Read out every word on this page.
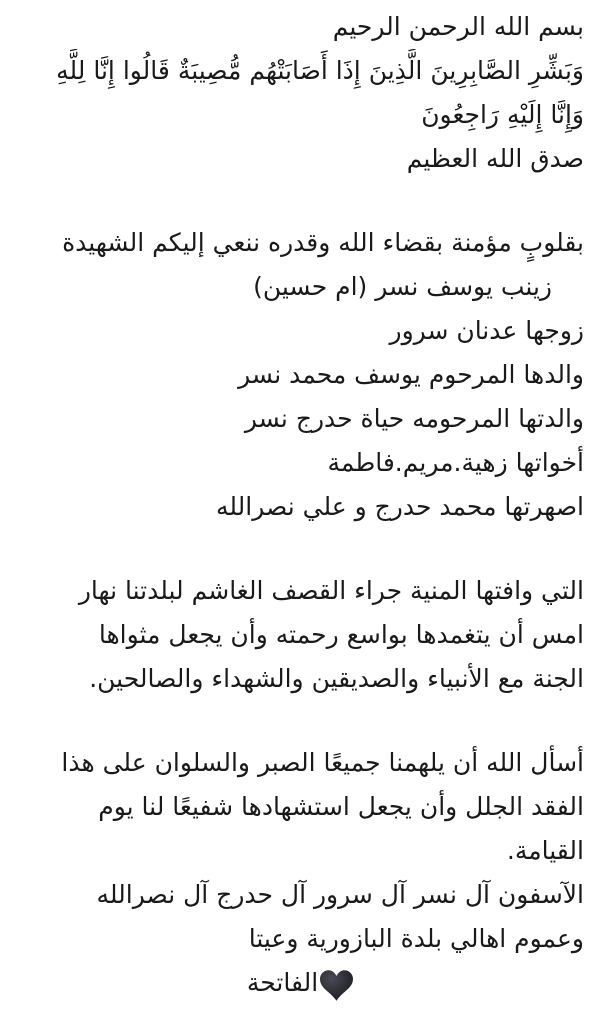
بسم الله الرحمن الرحيم
وَبَشِّرِ الصَّابِرِينَ الَّذِينَ إِذَا أَصَابَتْهُم مُّصِيبَةٌ قَالُوا إِنَّا لِلَّهِ
وَإِنَّا إِلَيْهِ رَاجِعُونَ
صدق الله العظيم
بقلوبٍ مؤمنة بقضاء الله وقدره ننعي إليكم الشهيدة
زينب يوسف نسر (ام حسين)
زوجها عدنان سرور
والدها المرحوم يوسف محمد نسر
والدتها المرحومه حياة حدرج نسر
أخواتها زهية.مريم.فاطمة
اصهرتها محمد حدرج و علي نصرالله
التي وافتها المنية جراء القصف الغاشم لبلدتنا نهار
امس أن يتغمدها بواسع رحمته وأن يجعل مثواها
الجنة مع الأنبياء والصديقين والشهداء والصالحين.
أسأل الله أن يلهمنا جميعًا الصبر والسلوان على هذا
الفقد الجلل وأن يجعل استشهادها شفيعًا لنا يوم
القيامة.
الآسفون آل نسر آل سرور آل حدرج آل نصرالله
وعموم اهالي بلدة البازورية وعيتا
الفاتحة
